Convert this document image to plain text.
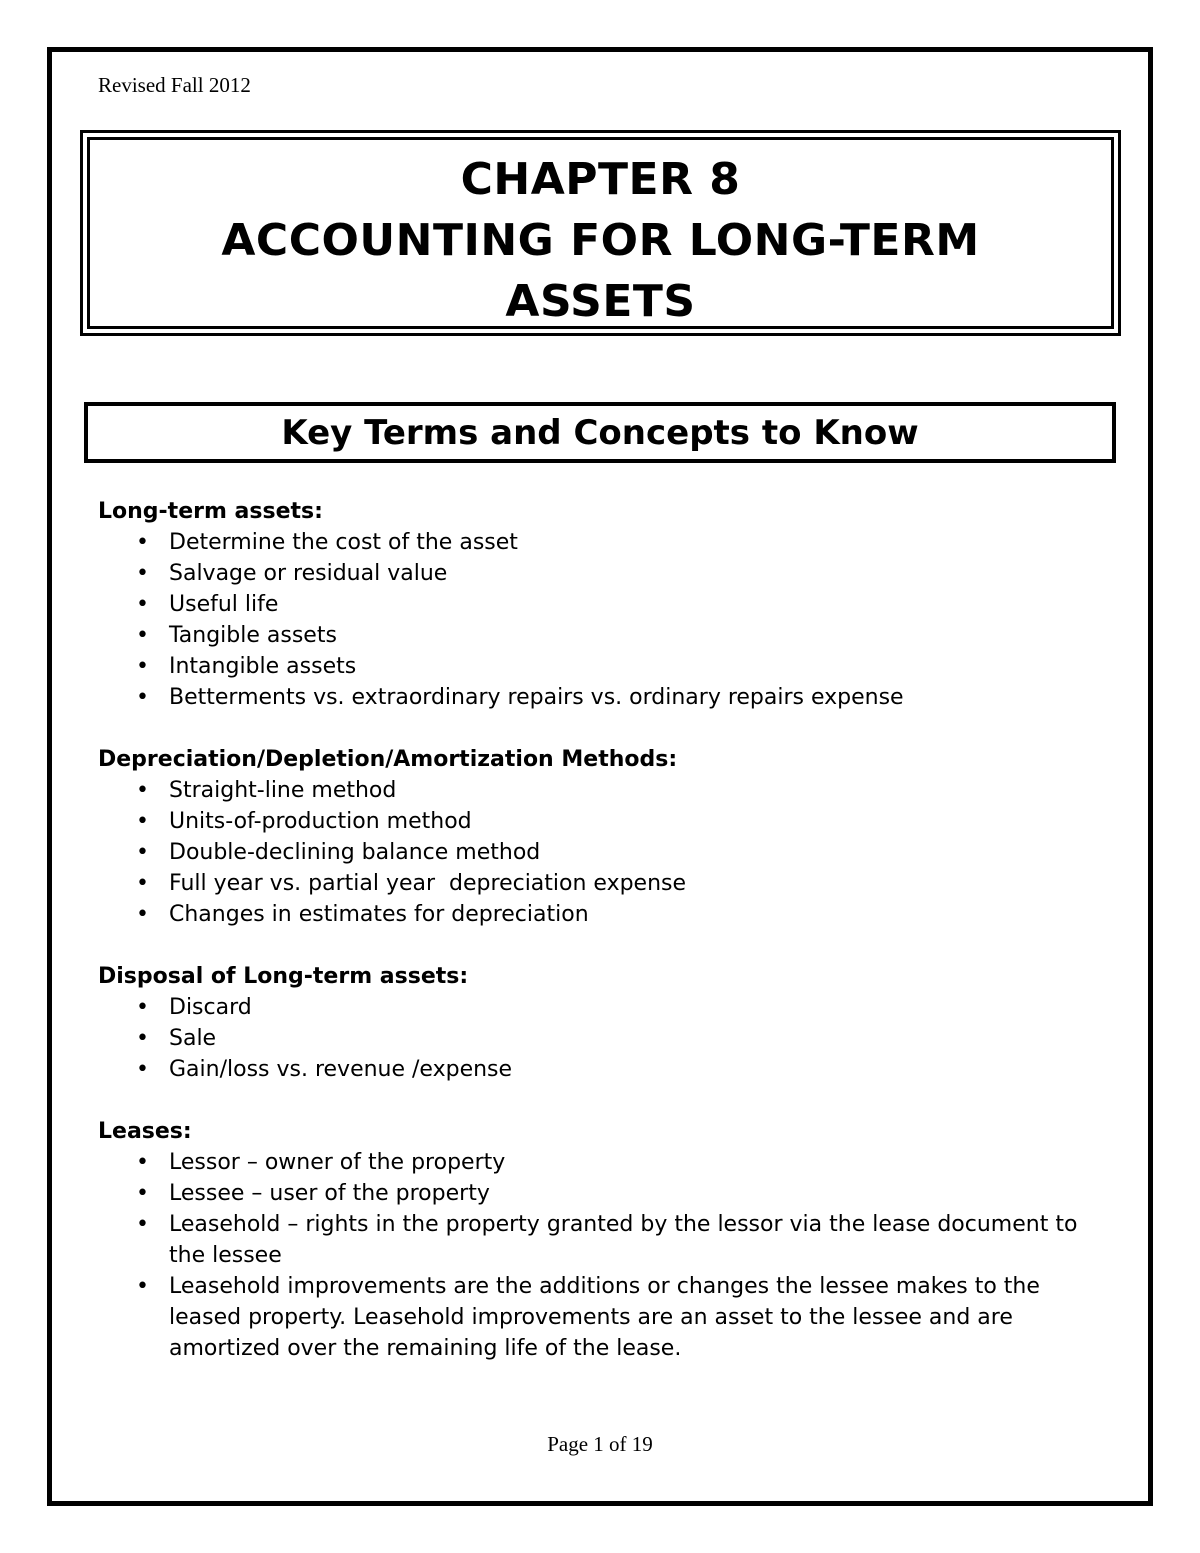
Revised Fall 2012
CHAPTER 8
ACCOUNTING FOR LONG-TERM
ASSETS
Key Terms and Concepts to Know
Long-term assets:
• Determine the cost of the asset
• Salvage or residual value
• Useful life
• Tangible assets
• Intangible assets
• Betterments vs. extraordinary repairs vs. ordinary repairs expense
Depreciation/Depletion/Amortization Methods:
• Straight-line method
• Units-of-production method
• Double-declining balance method
• Full year vs. partial year  depreciation expense
• Changes in estimates for depreciation
Disposal of Long-term assets:
• Discard
• Sale
• Gain/loss vs. revenue /expense
Leases:
• Lessor – owner of the property
• Lessee – user of the property
• Leasehold – rights in the property granted by the lessor via the lease document to the lessee
• Leasehold improvements are the additions or changes the lessee makes to the leased property. Leasehold improvements are an asset to the lessee and are amortized over the remaining life of the lease.
Page 1 of 19
